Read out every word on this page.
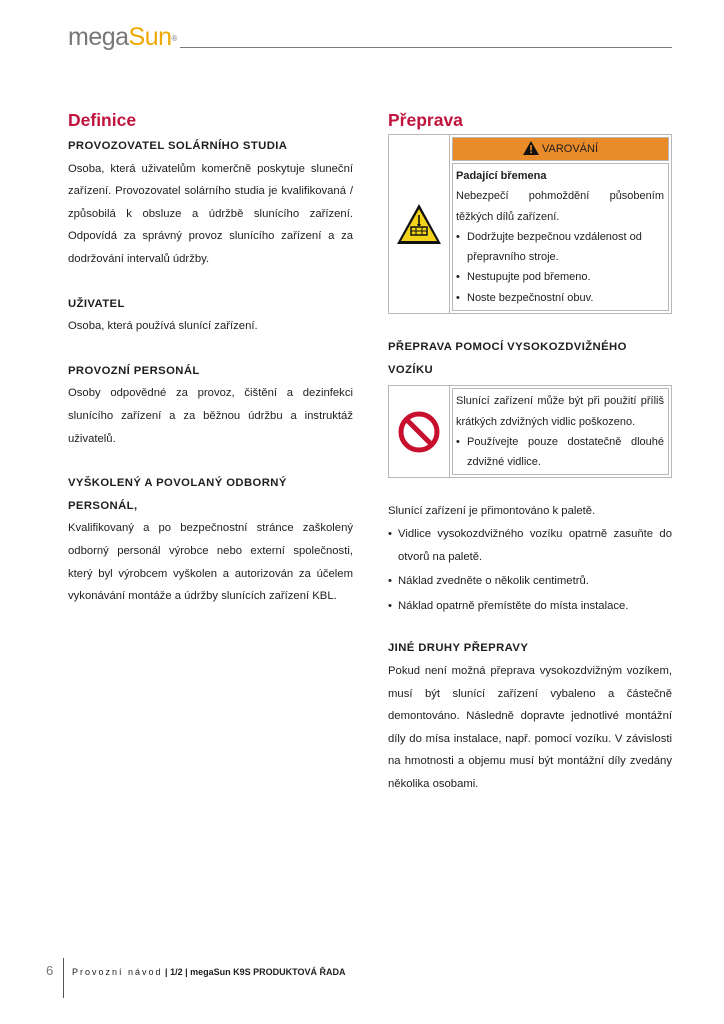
megaSun®
Definice

PROVOZOVATEL SOLÁRNÍHO STUDIA

Osoba, která uživatelům komerčně poskytuje sluneční zařízení. Provozovatel solárního studia je kvalifikovaná / způsobilá k obsluze a údržbě slunícího zařízení. Odpovídá za správný provoz slunícího zařízení a za dodržování intervalů údržby.

UŽIVATEL

Osoba, která používá slunící zařízení.

PROVOZNÍ PERSONÁL

Osoby odpovědné za provoz, čištění a dezinfekci slunícího zařízení a za běžnou údržbu a instruktáž uživatelů.

VYŠKOLENÝ A POVOLANÝ ODBORNÝ PERSONÁL,

Kvalifikovaný a po bezpečnostní stránce zaškolený odborný personál výrobce nebo externí společnosti, který byl výrobcem vyškolen a autorizován za účelem vykonávání montáže a údržby slunících zařízení KBL.

Přeprava
VAROVÁNÍ
Padající břemena
Nebezpečí pohmoždění působením těžkých dílů zařízení.
• Dodržujte bezpečnou vzdálenost od přepravního stroje.
• Nestupujte pod břemeno.
• Noste bezpečnostní obuv.

PŘEPRAVA POMOCÍ VYSOKOZDVIŽNÉHO VOZÍKU

Slunící zařízení může být při použití příliš krátkých zdvižných vidlic poškozeno.
• Používejte pouze dostatečně dlouhé zdvižné vidlice.

Slunící zařízení je přimontováno k paletě.

• Vidlice vysokozdvižného vozíku opatrně zasuňte do otvorů na paletě.
• Náklad zvedněte o několik centimetrů.
• Náklad opatrně přemístěte do místa instalace.

JINÉ DRUHY PŘEPRAVY

Pokud není možná přeprava vysokozdvižným vozíkem, musí být slunící zařízení vybaleno a částečně demontováno. Následně dopravte jednotlivé montážní díly do mísa instalace, např. pomocí vozíku. V závislosti na hmotnosti a objemu musí být montážní díly zvedány několika osobami.

6 Provozní návod | 1/2 | megaSun K9S PRODUKTOVÁ ŘADA
